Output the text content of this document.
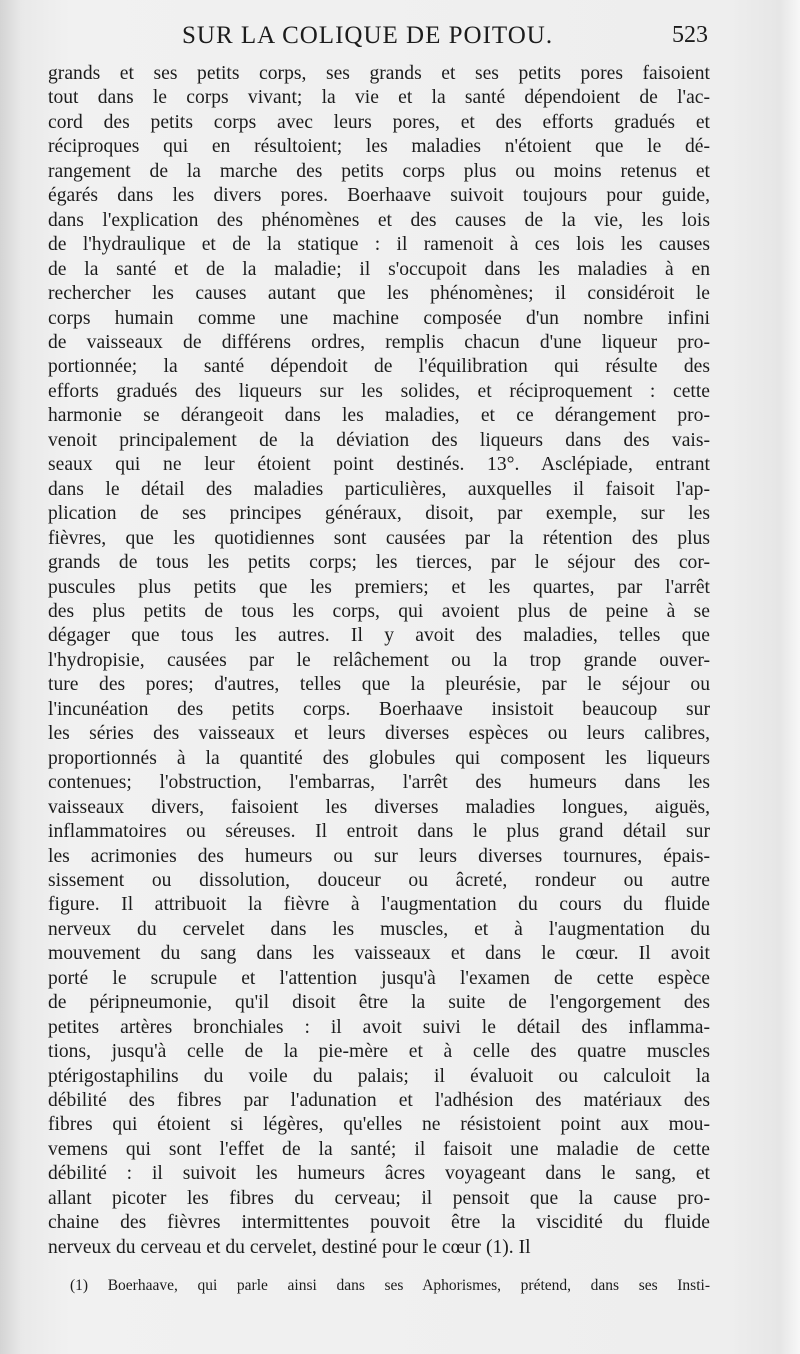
SUR LA COLIQUE DE POITOU.	523
grands et ses petits corps, ses grands et ses petits pores faisoient
tout dans le corps vivant; la vie et la santé dépendoient de l'ac-
cord des petits corps avec leurs pores, et des efforts gradués et
réciproques qui en résultoient; les maladies n'étoient que le dé-
rangement de la marche des petits corps plus ou moins retenus et
égarés dans les divers pores. Boerhaave suivoit toujours pour guide,
dans l'explication des phénomènes et des causes de la vie, les lois
de l'hydraulique et de la statique : il ramenoit à ces lois les causes
de la santé et de la maladie; il s'occupoit dans les maladies à en
rechercher les causes autant que les phénomènes; il considéroit le
corps humain comme une machine composée d'un nombre infini
de vaisseaux de différens ordres, remplis chacun d'une liqueur pro-
portionnée; la santé dépendoit de l'équilibration qui résulte des
efforts gradués des liqueurs sur les solides, et réciproquement : cette
harmonie se dérangeoit dans les maladies, et ce dérangement pro-
venoit principalement de la déviation des liqueurs dans des vais-
seaux qui ne leur étoient point destinés. 13°. Asclépiade, entrant
dans le détail des maladies particulières, auxquelles il faisoit l'ap-
plication de ses principes généraux, disoit, par exemple, sur les
fièvres, que les quotidiennes sont causées par la rétention des plus
grands de tous les petits corps; les tierces, par le séjour des cor-
puscules plus petits que les premiers; et les quartes, par l'arrêt
des plus petits de tous les corps, qui avoient plus de peine à se
dégager que tous les autres. Il y avoit des maladies, telles que
l'hydropisie, causées par le relâchement ou la trop grande ouver-
ture des pores; d'autres, telles que la pleurésie, par le séjour ou
l'incunéation des petits corps. Boerhaave insistoit beaucoup sur
les séries des vaisseaux et leurs diverses espèces ou leurs calibres,
proportionnés à la quantité des globules qui composent les liqueurs
contenues; l'obstruction, l'embarras, l'arrêt des humeurs dans les
vaisseaux divers, faisoient les diverses maladies longues, aiguës,
inflammatoires ou séreuses. Il entroit dans le plus grand détail sur
les acrimonies des humeurs ou sur leurs diverses tournures, épais-
sissement ou dissolution, douceur ou âcreté, rondeur ou autre
figure. Il attribuoit la fièvre à l'augmentation du cours du fluide
nerveux du cervelet dans les muscles, et à l'augmentation du
mouvement du sang dans les vaisseaux et dans le cœur. Il avoit
porté le scrupule et l'attention jusqu'à l'examen de cette espèce
de péripneumonie, qu'il disoit être la suite de l'engorgement des
petites artères bronchiales : il avoit suivi le détail des inflamma-
tions, jusqu'à celle de la pie-mère et à celle des quatre muscles
ptérigostaphilins du voile du palais; il évaluoit ou calculoit la
débilité des fibres par l'adunation et l'adhésion des matériaux des
fibres qui étoient si légères, qu'elles ne résistoient point aux mou-
vemens qui sont l'effet de la santé; il faisoit une maladie de cette
débilité : il suivoit les humeurs âcres voyageant dans le sang, et
allant picoter les fibres du cerveau; il pensoit que la cause pro-
chaine des fièvres intermittentes pouvoit être la viscidité du fluide
nerveux du cerveau et du cervelet, destiné pour le cœur (1). Il
(1) Boerhaave, qui parle ainsi dans ses Aphorismes, prétend, dans ses Insti-
